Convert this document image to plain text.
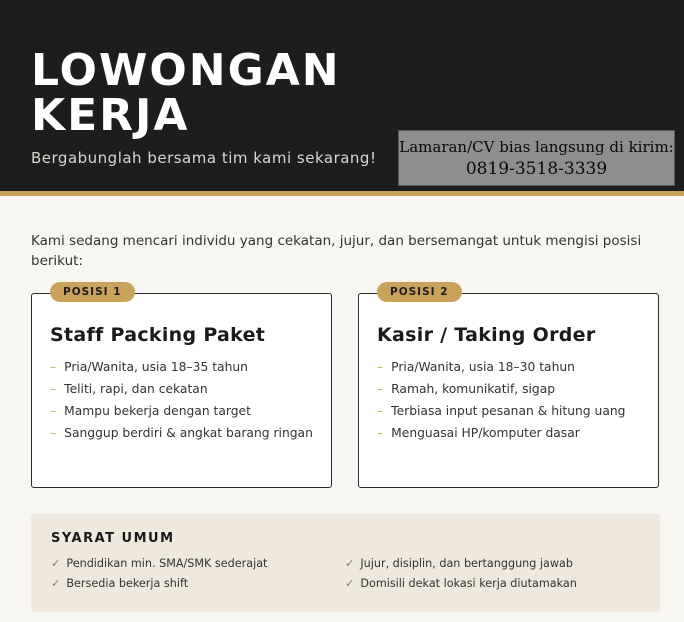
LOWONGAN
KERJA
Bergabunglah bersama tim kami sekarang!
Lamaran/CV bias langsung di kirim:
0819-3518-3339
Kami sedang mencari individu yang cekatan, jujur, dan bersemangat untuk mengisi posisi berikut:
POSISI 1
Staff Packing Paket
– Pria/Wanita, usia 18–35 tahun
– Teliti, rapi, dan cekatan
– Mampu bekerja dengan target
– Sanggup berdiri & angkat barang ringan
POSISI 2
Kasir / Taking Order
– Pria/Wanita, usia 18–30 tahun
– Ramah, komunikatif, sigap
– Terbiasa input pesanan & hitung uang
– Menguasai HP/komputer dasar
SYARAT UMUM
✓ Pendidikan min. SMA/SMK sederajat
✓ Bersedia bekerja shift
✓ Jujur, disiplin, dan bertanggung jawab
✓ Domisili dekat lokasi kerja diutamakan
